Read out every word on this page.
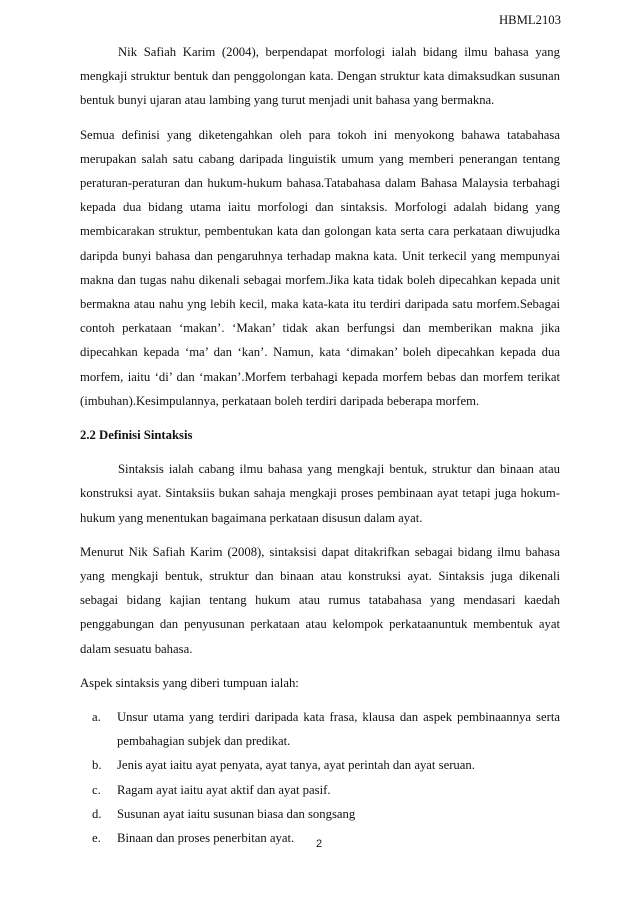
HBML2103

Nik Safiah Karim (2004), berpendapat morfologi ialah bidang ilmu bahasa yang mengkaji struktur bentuk dan penggolongan kata. Dengan struktur kata dimaksudkan susunan bentuk bunyi ujaran atau lambing yang turut menjadi unit bahasa yang bermakna.

Semua definisi yang diketengahkan oleh para tokoh ini menyokong bahawa tatabahasa merupakan salah satu cabang daripada linguistik umum yang memberi penerangan tentang peraturan-peraturan dan hukum-hukum bahasa.Tatabahasa dalam Bahasa Malaysia terbahagi kepada dua bidang utama iaitu morfologi dan sintaksis. Morfologi adalah bidang yang membicarakan struktur, pembentukan kata dan golongan kata serta cara perkataan diwujudka daripda bunyi bahasa dan pengaruhnya terhadap makna kata. Unit terkecil yang mempunyai makna dan tugas nahu dikenali sebagai morfem.Jika kata tidak boleh dipecahkan kepada unit bermakna atau nahu yng lebih kecil, maka kata-kata itu terdiri daripada satu morfem.Sebagai contoh perkataan ‘makan’. ‘Makan’ tidak akan berfungsi dan memberikan makna jika dipecahkan kepada ‘ma’ dan ‘kan’. Namun, kata ‘dimakan’ boleh dipecahkan kepada dua morfem, iaitu ‘di’ dan ‘makan’.Morfem terbahagi kepada morfem bebas dan morfem terikat (imbuhan).Kesimpulannya, perkataan boleh terdiri daripada beberapa morfem.

2.2 Definisi Sintaksis

Sintaksis ialah cabang ilmu bahasa yang mengkaji bentuk, struktur dan binaan atau konstruksi ayat. Sintaksiis bukan sahaja mengkaji proses pembinaan ayat tetapi juga hokum-hukum yang menentukan bagaimana perkataan disusun dalam ayat.

Menurut Nik Safiah Karim (2008), sintaksisi dapat ditakrifkan sebagai bidang ilmu bahasa yang mengkaji bentuk, struktur dan binaan atau konstruksi ayat. Sintaksis juga dikenali sebagai bidang kajian tentang hukum atau rumus tatabahasa yang mendasari kaedah penggabungan dan penyusunan perkataan atau kelompok perkataanuntuk membentuk ayat dalam sesuatu bahasa.

Aspek sintaksis yang diberi tumpuan ialah:

a.	Unsur utama yang terdiri daripada kata frasa, klausa dan aspek pembinaannya serta pembahagian subjek dan predikat.
b.	Jenis ayat iaitu ayat penyata, ayat tanya, ayat perintah dan ayat seruan.
c.	Ragam ayat iaitu ayat aktif dan ayat pasif.
d.	Susunan ayat iaitu susunan biasa dan songsang
e.	Binaan dan proses penerbitan ayat.	2
